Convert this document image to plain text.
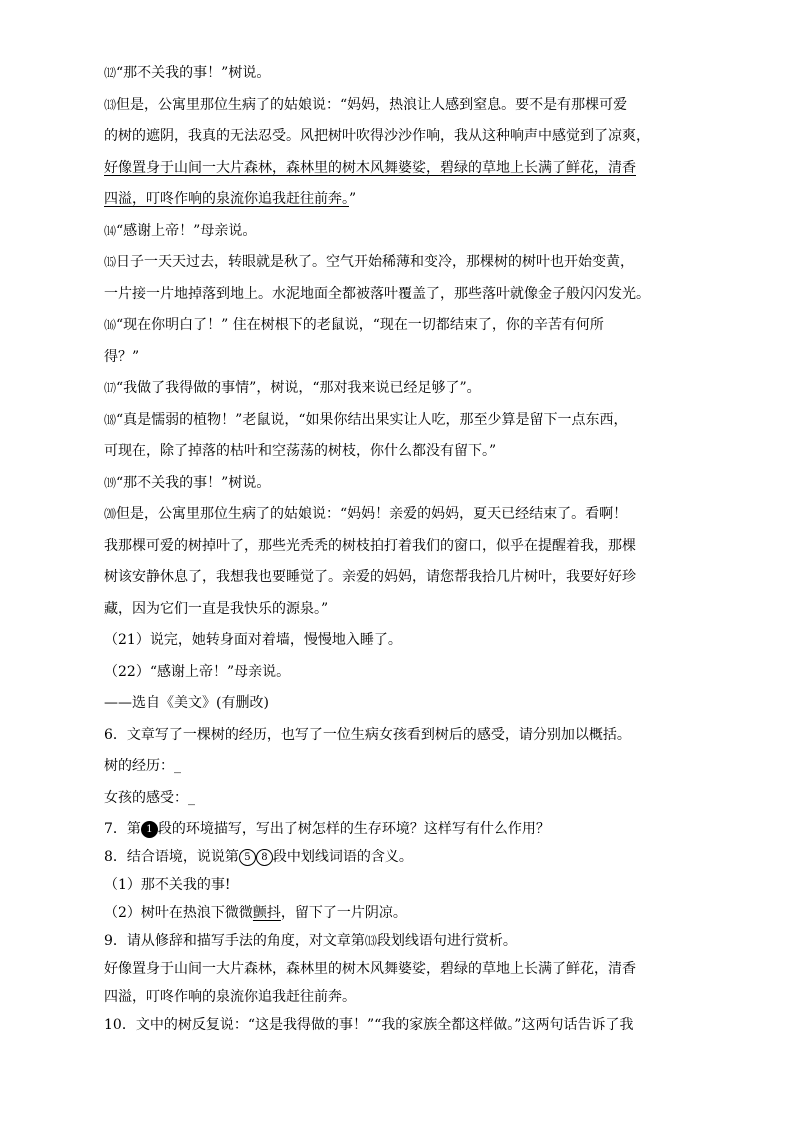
⑿“那不关我的事！”树说。
⒀但是，公寓里那位生病了的姑娘说：“妈妈，热浪让人感到窒息。要不是有那棵可爱
的树的遮阴，我真的无法忍受。风把树叶吹得沙沙作响，我从这种响声中感觉到了凉爽，
好像置身于山间一大片森林，森林里的树木风舞婆娑，碧绿的草地上长满了鲜花，清香
四溢，叮咚作响的泉流你追我赶往前奔。”
⒁“感谢上帝！”母亲说。
⒂日子一天天过去，转眼就是秋了。空气开始稀薄和变冷，那棵树的树叶也开始变黄，
一片接一片地掉落到地上。水泥地面全都被落叶覆盖了，那些落叶就像金子般闪闪发光。
⒃“现在你明白了！” 住在树根下的老鼠说，“现在一切都结束了，你的辛苦有何所
得？”
⒄“我做了我得做的事情”，树说，“那对我来说已经足够了”。
⒅“真是懦弱的植物！”老鼠说，“如果你结出果实让人吃，那至少算是留下一点东西，
可现在，除了掉落的枯叶和空荡荡的树枝，你什么都没有留下。”
⒆“那不关我的事！”树说。
⒇但是，公寓里那位生病了的姑娘说：“妈妈！亲爱的妈妈，夏天已经结束了。看啊！
我那棵可爱的树掉叶了，那些光秃秃的树枝拍打着我们的窗口，似乎在提醒着我，那棵
树该安静休息了，我想我也要睡觉了。亲爱的妈妈，请您帮我拾几片树叶，我要好好珍
藏，因为它们一直是我快乐的源泉。”
（21）说完，她转身面对着墙，慢慢地入睡了。
（22）“感谢上帝！”母亲说。
——选自《美文》(有删改)
6．文章写了一棵树的经历，也写了一位生病女孩看到树后的感受，请分别加以概括。
树的经历：_
女孩的感受：_
7．第 1 段的环境描写，写出了树怎样的生存环境？这样写有什么作用？
8．结合语境，说说第 5 8 段中划线词语的含义。
（1）那不关我的事!
（2）树叶在热浪下微微颤抖，留下了一片阴凉。
9．请从修辞和描写手法的角度，对文章第⒀段划线语句进行赏析。
好像置身于山间一大片森林，森林里的树木风舞婆娑，碧绿的草地上长满了鲜花，清香
四溢，叮咚作响的泉流你追我赶往前奔。
10．文中的树反复说：“这是我得做的事！”“我的家族全都这样做。”这两句话告诉了我
